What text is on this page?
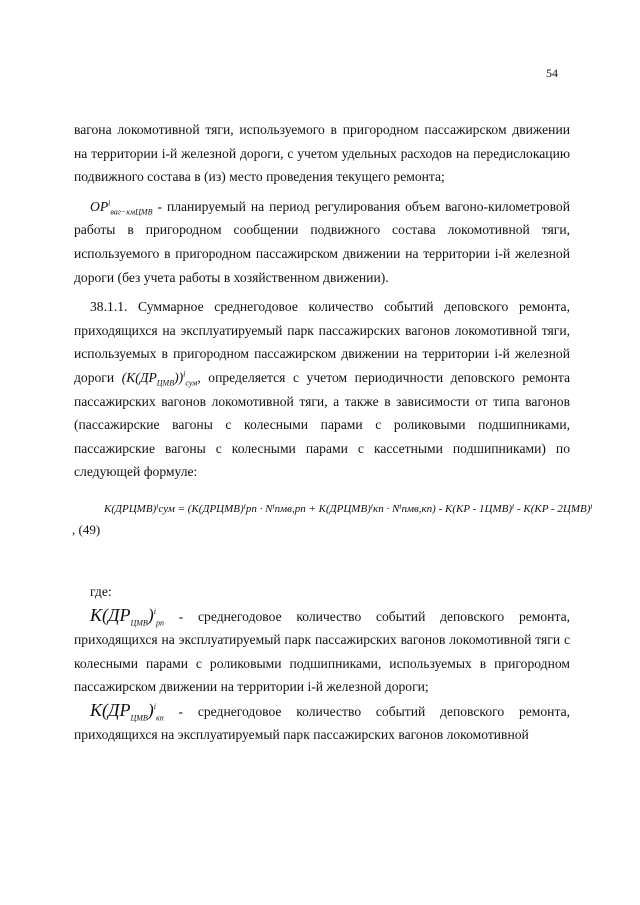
54

вагона локомотивной тяги, используемого в пригородном пассажирском движении на территории i-й железной дороги, с учетом удельных расходов на передислокацию подвижного состава в (из) место проведения текущего ремонта;

$OP^i_{ваг-кмЦМВ}$ - планируемый на период регулирования объем вагоно-километровой работы в пригородном сообщении подвижного состава локомотивной тяги, используемого в пригородном пассажирском движении на территории i-й железной дороги (без учета работы в хозяйственном движении).

38.1.1. Суммарное среднегодовое количество событий деповского ремонта, приходящихся на эксплуатируемый парк пассажирских вагонов локомотивной тяги, используемых в пригородном пассажирском движении на территории i-й железной дороги $(K(ДР_{ЦМВ}))^i_{сум}$, определяется с учетом периодичности деповского ремонта пассажирских вагонов локомотивной тяги, а также в зависимости от типа вагонов (пассажирские вагоны с колесными парами с роликовыми подшипниками, пассажирские вагоны с колесными парами с кассетными подшипниками) по следующей формуле:

K(ДРЦМВ)ⁱсум = (K(ДРЦМВ)ⁱрп · Nⁱпмв,рп + K(ДРЦМВ)ⁱкп · Nⁱпмв,кп) - K(KP - 1ЦМВ)ⁱ - K(KP - 2ЦМВ)ⁱ
, (49)

где:

$K(ДР_{ЦМВ})^i_{рп}$ - среднегодовое количество событий деповского ремонта, приходящихся на эксплуатируемый парк пассажирских вагонов локомотивной тяги с колесными парами с роликовыми подшипниками, используемых в пригородном пассажирском движении на территории i-й железной дороги;

$K(ДР_{ЦМВ})^i_{кп}$ - среднегодовое количество событий деповского ремонта, приходящихся на эксплуатируемый парк пассажирских вагонов локомотивной
